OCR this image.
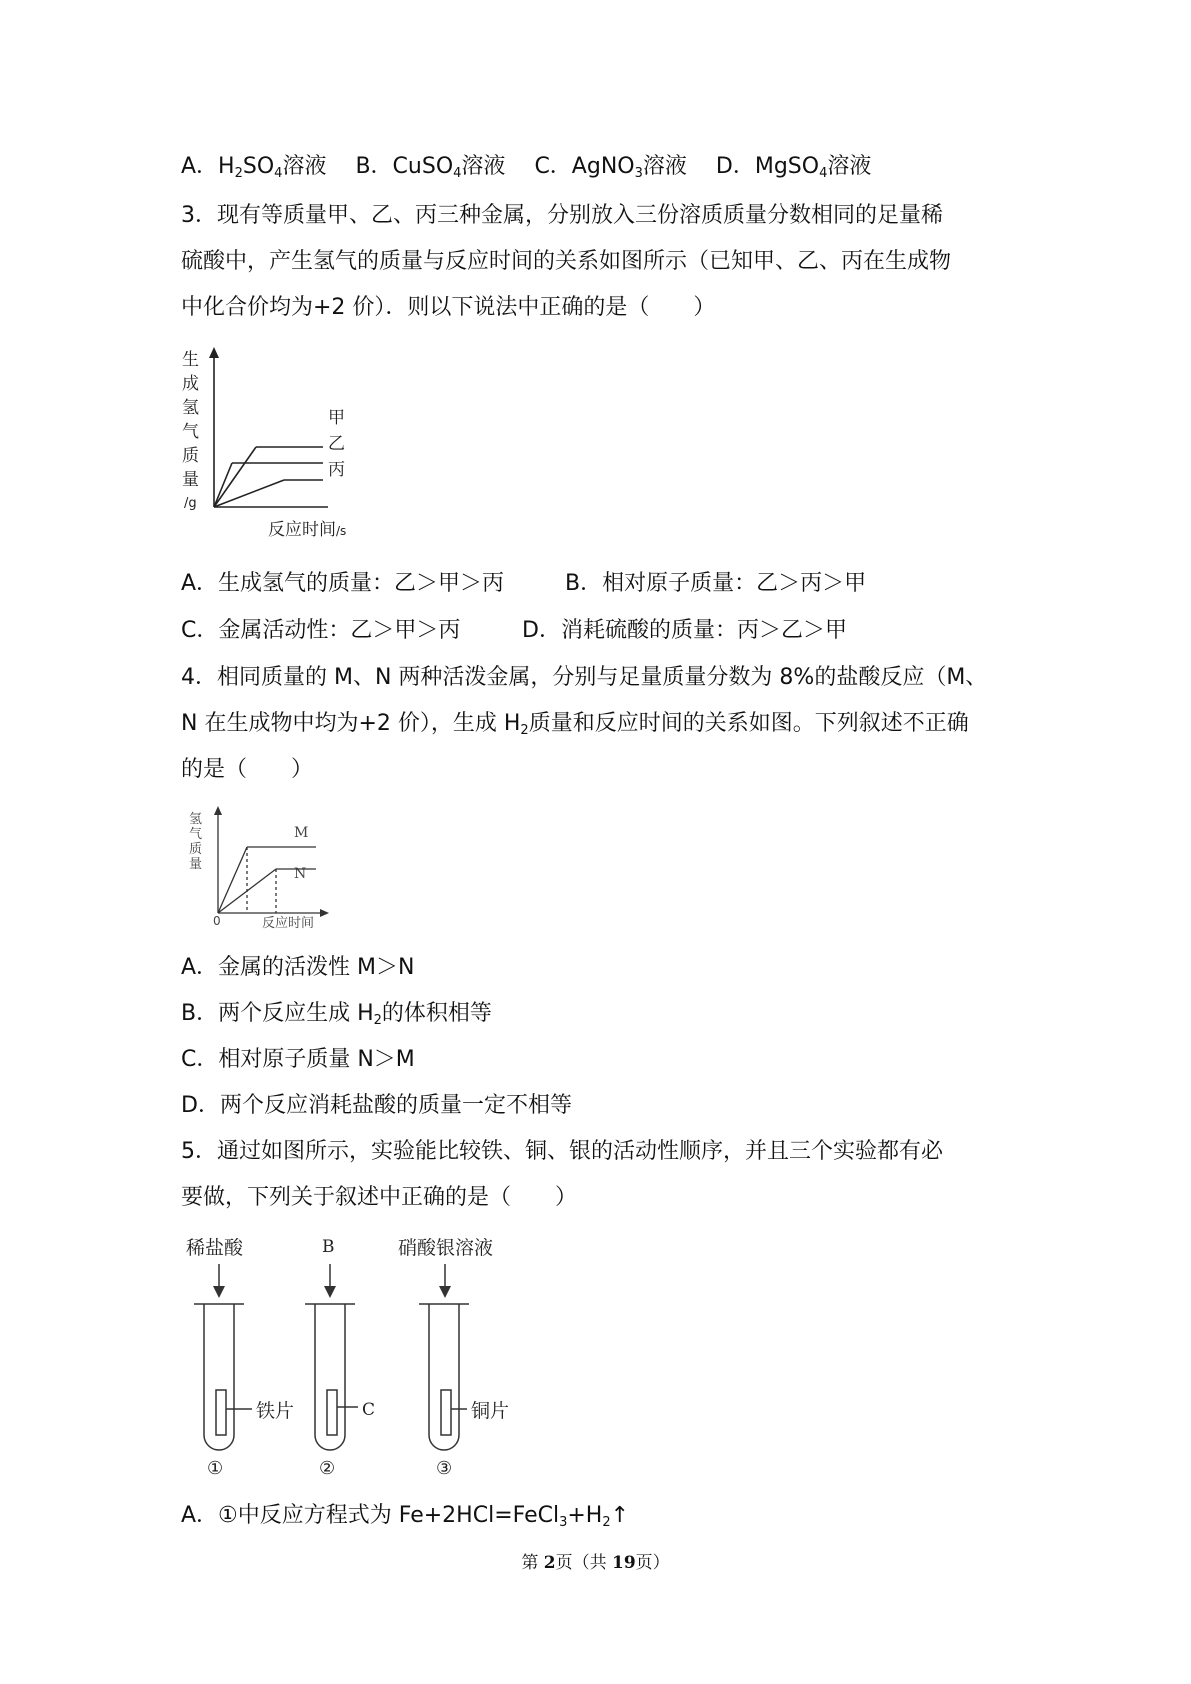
A．$H_2SO_4$溶液 B．CuSO$_4$溶液 C．AgNO$_3$溶液 D．MgSO$_4$溶液
3．现有等质量甲、乙、丙三种金属，分别放入三份溶质质量分数相同的足量稀
硫酸中，产生氢气的质量与反应时间的关系如图所示（已知甲、乙、丙在生成物
中化合价均为+2 价）．则以下说法中正确的是（　　）
生
成
氢
气
质
量
/g
反应时间 /s
甲
乙
丙
A．生成氢气的质量：乙＞甲＞丙	B．相对原子质量：乙＞丙＞甲
C．金属活动性：乙＞甲＞丙	D．消耗硫酸的质量：丙＞乙＞甲
4．相同质量的 M、N 两种活泼金属，分别与足量质量分数为 8%的盐酸反应（M、
N 在生成物中均为+2 价），生成 $H_2$质量和反应时间的关系如图。下列叙述不正确
的是（　　）
氢
气
质
量
0	反应时间
M
N
A．金属的活泼性 M＞N
B．两个反应生成 $H_2$的体积相等
C．相对原子质量 N＞M
D．两个反应消耗盐酸的质量一定不相等
5．通过如图所示，实验能比较铁、铜、银的活动性顺序，并且三个实验都有必
要做，下列关于叙述中正确的是（　　）
稀盐酸	B	硝酸银溶液
铁片	C	铜片
①	②	③
A．①中反应方程式为 $Fe+2HCl=FeCl_3+H_2↑$
第 2页（共 19页）
